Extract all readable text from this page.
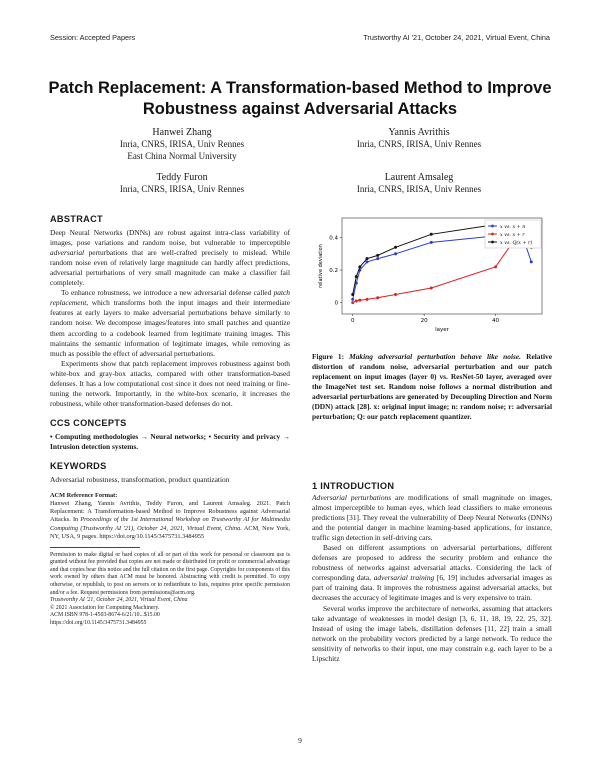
Session: Accepted Papers	Trustworthy AI '21, October 24, 2021, Virtual Event, China
Patch Replacement: A Transformation-based Method to Improve Robustness against Adversarial Attacks
Hanwei Zhang
Inria, CNRS, IRISA, Univ Rennes
East China Normal University
Yannis Avrithis
Inria, CNRS, IRISA, Univ Rennes
Teddy Furon
Inria, CNRS, IRISA, Univ Rennes
Laurent Amsaleg
Inria, CNRS, IRISA, Univ Rennes
ABSTRACT

Deep Neural Networks (DNNs) are robust against intra-class variability of images, pose variations and random noise, but vulnerable to imperceptible adversarial perturbations that are well-crafted precisely to mislead. While random noise even of relatively large magnitude can hardly affect predictions, adversarial perturbations of very small magnitude can make a classifier fail completely.

To enhance robustness, we introduce a new adversarial defense called patch replacement, which transforms both the input images and their intermediate features at early layers to make adversarial perturbations behave similarly to random noise. We decompose images/features into small patches and quantize them according to a codebook learned from legitimate training images. This maintains the semantic information of legitimate images, while removing as much as possible the effect of adversarial perturbations.

Experiments show that patch replacement improves robustness against both white-box and gray-box attacks, compared with other transformation-based defenses. It has a low computational cost since it does not need training or fine-tuning the network. Importantly, in the white-box scenario, it increases the robustness, while other transformation-based defenses do not.

CCS CONCEPTS

• Computing methodologies → Neural networks; • Security and privacy → Intrusion detection systems.

KEYWORDS

Adversarial robustness, transformation, product quantization

ACM Reference Format:

Hanwei Zhang, Yannis Avrithis, Teddy Furon, and Laurent Amsaleg. 2021. Patch Replacement: A Transformation-based Method to Improve Robustness against Adversarial Attacks. In Proceedings of the 1st International Workshop on Trustworthy AI for Multimedia Computing (Trustworthy AI '21), October 24, 2021, Virtual Event, China. ACM, New York, NY, USA, 9 pages. https://doi.org/10.1145/3475731.3484955

Permission to make digital or hard copies of all or part of this work for personal or classroom use is granted without fee provided that copies are not made or distributed for profit or commercial advantage and that copies bear this notice and the full citation on the first page. Copyrights for components of this work owned by others than ACM must be honored. Abstracting with credit is permitted. To copy otherwise, or republish, to post on servers or to redistribute to lists, requires prior specific permission and/or a fee. Request permissions from permissions@acm.org.

Trustworthy AI '21, October 24, 2021, Virtual Event, China

© 2021 Association for Computing Machinery.

ACM ISBN 978-1-4503-8674-6/21/10...$15.00

https://doi.org/10.1145/3475731.3484955

0	20	40
0
0.2
0.4
layer
relative deviation
x vs. x + n
x vs. x + r
x vs. Q(x + r)
Figure 1: Making adversarial perturbation behave like noise. Relative distortion of random noise, adversarial perturbation and our patch replacement on input images (layer 0) vs. ResNet-50 layer, averaged over the ImageNet test set. Random noise follows a normal distribution and adversarial perturbations are generated by Decoupling Direction and Norm (DDN) attack [28]. x: original input image; n: random noise; r: adversarial perturbation; Q: our patch replacement quantizer.
1 INTRODUCTION

Adversarial perturbations are modifications of small magnitude on images, almost imperceptible to human eyes, which lead classifiers to make erroneous predictions [31]. They reveal the vulnerability of Deep Neural Networks (DNNs) and the potential danger in machine learning-based applications, for instance, traffic sign detection in self-driving cars.

Based on different assumptions on adversarial perturbations, different defenses are proposed to address the security problem and enhance the robustness of networks against adversarial attacks. Considering the lack of corresponding data, adversarial training [6, 19] includes adversarial images as part of training data. It improves the robustness against adversarial attacks, but decreases the accuracy of legitimate images and is very expensive to train.

Several works improve the architecture of networks, assuming that attackers take advantage of weaknesses in model design [3, 6, 11, 18, 19, 22, 25, 32]. Instead of using the image labels, distillation defenses [11, 22] train a small network on the probability vectors predicted by a large network. To reduce the sensitivity of networks to their input, one may constrain e.g. each layer to be a Lipschitz

9
